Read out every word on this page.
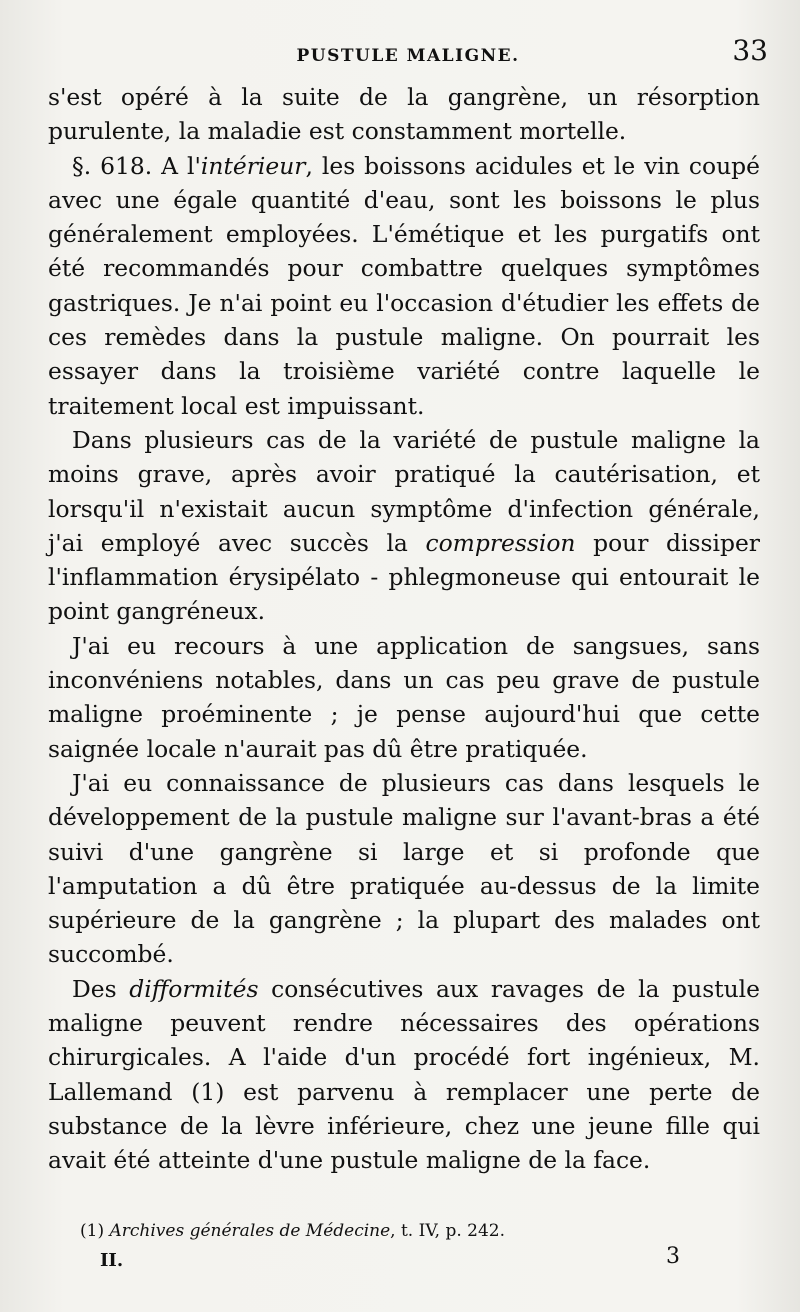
PUSTULE MALIGNE.	33

s'est opéré à la suite de la gangrène, un résorption purulente, la maladie est constamment mortelle.

§. 618. A l'intérieur, les boissons acidules et le vin coupé avec une égale quantité d'eau, sont les boissons le plus généralement employées. L'émétique et les purgatifs ont été recommandés pour combattre quelques symptômes gastriques. Je n'ai point eu l'occasion d'étudier les effets de ces remèdes dans la pustule maligne. On pourrait les essayer dans la troisième variété contre laquelle le traitement local est impuissant.

Dans plusieurs cas de la variété de pustule maligne la moins grave, après avoir pratiqué la cautérisation, et lorsqu'il n'existait aucun symptôme d'infection générale, j'ai employé avec succès la compression pour dissiper l'inflammation érysipélato - phlegmoneuse qui entourait le point gangréneux.

J'ai eu recours à une application de sangsues, sans inconvéniens notables, dans un cas peu grave de pustule maligne proéminente ; je pense aujourd'hui que cette saignée locale n'aurait pas dû être pratiquée.

J'ai eu connaissance de plusieurs cas dans lesquels le développement de la pustule maligne sur l'avant-bras a été suivi d'une gangrène si large et si profonde que l'amputation a dû être pratiquée au-dessus de la limite supérieure de la gangrène ; la plupart des malades ont succombé.

Des difformités consécutives aux ravages de la pustule maligne peuvent rendre nécessaires des opérations chirurgicales. A l'aide d'un procédé fort ingénieux, M. Lallemand (1) est parvenu à remplacer une perte de substance de la lèvre inférieure, chez une jeune fille qui avait été atteinte d'une pustule maligne de la face.

(1) Archives générales de Médecine, t. IV, p. 242.
II.	3
